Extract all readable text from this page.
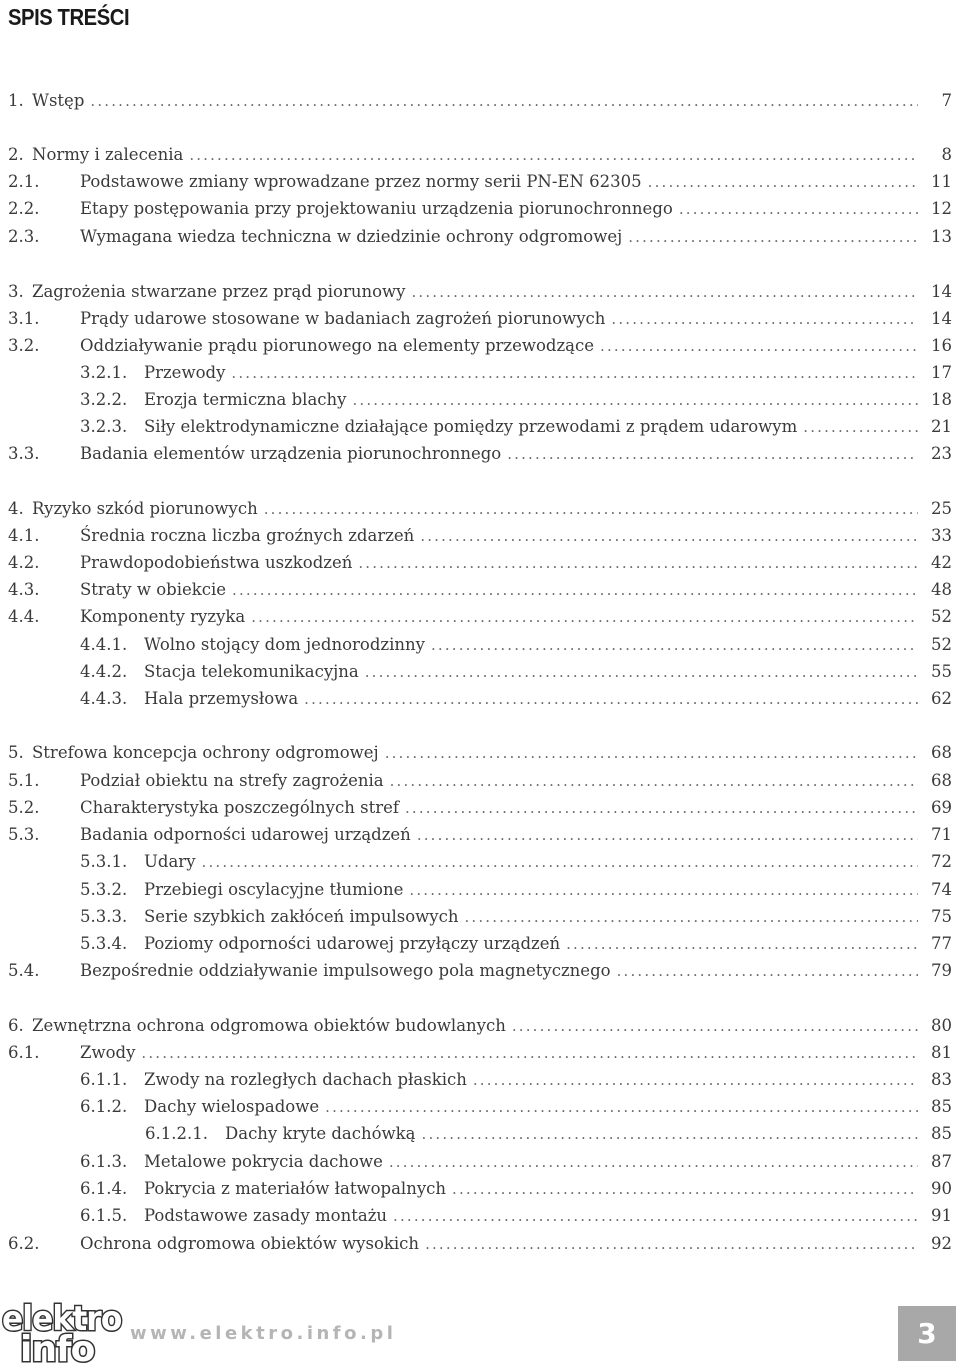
SPIS TREŚCI
1. Wstęp . . .	7
2. Normy i zalecenia . . .	8
2.1. Podstawowe zmiany wprowadzane przez normy serii PN-EN 62305 . . .	11
2.2. Etapy postępowania przy projektowaniu urządzenia piorunochronnego . . .	12
2.3. Wymagana wiedza techniczna w dziedzinie ochrony odgromowej . . .	13
3. Zagrożenia stwarzane przez prąd piorunowy . . .	14
3.1. Prądy udarowe stosowane w badaniach zagrożeń piorunowych . . .	14
3.2. Oddziaływanie prądu piorunowego na elementy przewodzące . . .	16
3.2.1. Przewody . . .	17
3.2.2. Erozja termiczna blachy . . .	18
3.2.3. Siły elektrodynamiczne działające pomiędzy przewodami z prądem udarowym . . .	21
3.3. Badania elementów urządzenia piorunochronnego . . .	23
4. Ryzyko szkód piorunowych . . .	25
4.1. Średnia roczna liczba groźnych zdarzeń . . .	33
4.2. Prawdopodobieństwa uszkodzeń . . .	42
4.3. Straty w obiekcie . . .	48
4.4. Komponenty ryzyka . . .	52
4.4.1. Wolno stojący dom jednorodzinny . . .	52
4.4.2. Stacja telekomunikacyjna . . .	55
4.4.3. Hala przemysłowa . . .	62
5. Strefowa koncepcja ochrony odgromowej . . .	68
5.1. Podział obiektu na strefy zagrożenia . . .	68
5.2. Charakterystyka poszczególnych stref . . .	69
5.3. Badania odporności udarowej urządzeń . . .	71
5.3.1. Udary . . .	72
5.3.2. Przebiegi oscylacyjne tłumione . . .	74
5.3.3. Serie szybkich zakłóceń impulsowych . . .	75
5.3.4. Poziomy odporności udarowej przyłączy urządzeń . . .	77
5.4. Bezpośrednie oddziaływanie impulsowego pola magnetycznego . . .	79
6. Zewnętrzna ochrona odgromowa obiektów budowlanych . . .	80
6.1. Zwody . . .	81
6.1.1. Zwody na rozległych dachach płaskich . . .	83
6.1.2. Dachy wielospadowe . . .	85
6.1.2.1. Dachy kryte dachówką . . .	85
6.1.3. Metalowe pokrycia dachowe . . .	87
6.1.4. Pokrycia z materiałów łatwopalnych . . .	90
6.1.5. Podstawowe zasady montażu . . .	91
6.2. Ochrona odgromowa obiektów wysokich . . .	92
elektro
info www.elektro.info.pl	3
